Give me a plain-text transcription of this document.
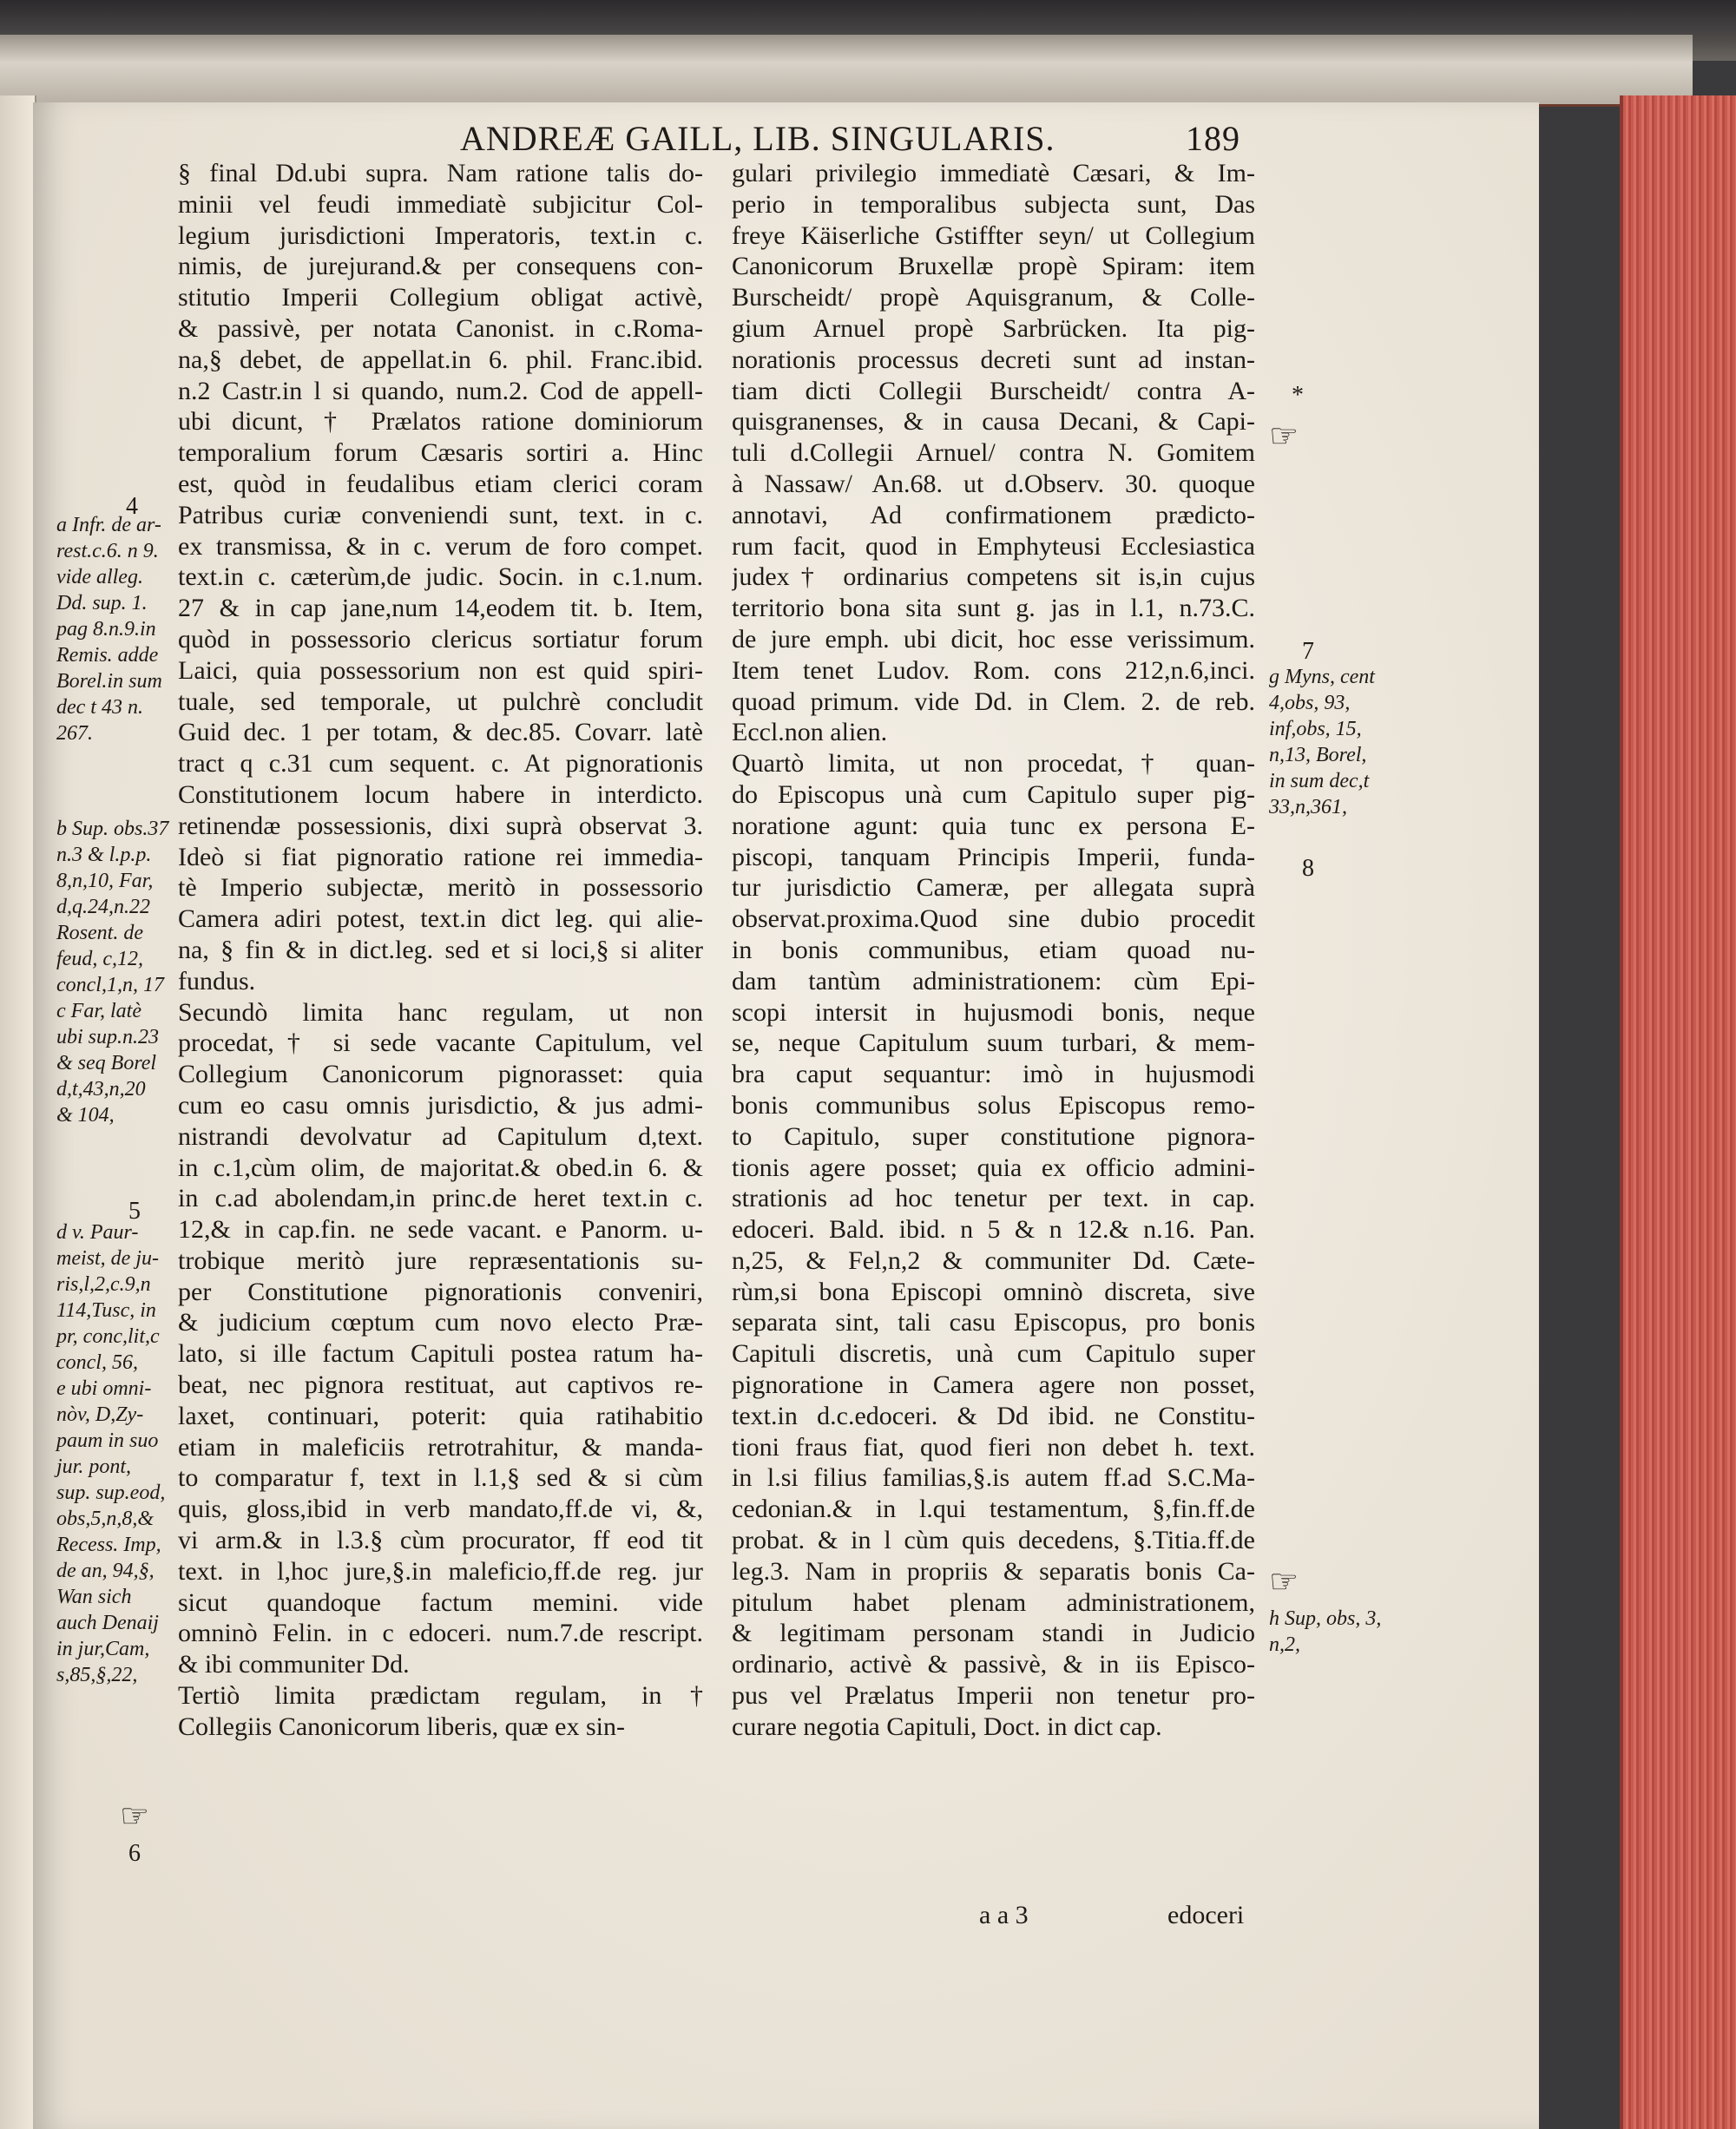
ANDREÆ GAILL, LIB. SINGULARIS.	189
§ final Dd.ubi supra. Nam ratione talis do-
minii vel feudi immediatè subjicitur Col-
legium jurisdictioni Imperatoris, text.in c.
nimis, de jurejurand.& per consequens con-
stitutio Imperii Collegium obligat activè,
& passivè, per notata Canonist. in c.Roma-
na,§ debet, de appellat.in 6. phil. Franc.ibid.
n.2 Castr.in l si quando, num.2. Cod de appell-
ubi dicunt, † Prælatos ratione dominiorum
temporalium forum Cæsaris sortiri a. Hinc
est, quòd in feudalibus etiam clerici coram
Patribus curiæ conveniendi sunt, text. in c.
ex transmissa, & in c. verum de foro compet.
text.in c. cæterùm,de judic. Socin. in c.1.num.
27 & in cap jane,num 14,eodem tit. b. Item,
quòd in possessorio clericus sortiatur forum
Laici, quia possessorium non est quid spiri-
tuale, sed temporale, ut pulchrè concludit
Guid dec. 1 per totam, & dec.85. Covarr. latè
tract q c.31 cum sequent. c. At pignorationis
Constitutionem locum habere in interdicto.
retinendæ possessionis, dixi suprà observat 3.
Ideò si fiat pignoratio ratione rei immedia-
tè Imperio subjectæ, meritò in possessorio
Camera adiri potest, text.in dict leg. qui alie-
na, § fin & in dict.leg. sed et si loci,§ si aliter
fundus.
Secundò limita hanc regulam, ut non
procedat,† si sede vacante Capitulum, vel
Collegium Canonicorum pignorasset: quia
cum eo casu omnis jurisdictio, & jus admi-
nistrandi devolvatur ad Capitulum d,text.
in c.1,cùm olim, de majoritat.& obed.in 6. &
in c.ad abolendam,in princ.de heret text.in c.
12,& in cap.fin. ne sede vacant. e Panorm. u-
trobique meritò jure repræsentationis su-
per Constitutione pignorationis conveniri,
& judicium cœptum cum novo electo Præ-
lato, si ille factum Capituli postea ratum ha-
beat, nec pignora restituat, aut captivos re-
laxet, continuari, poterit: quia ratihabitio
etiam in maleficiis retrotrahitur, & manda-
to comparatur f, text in l.1,§ sed & si cùm
quis, gloss,ibid in verb mandato,ff.de vi, &,
vi arm.& in l.3.§ cùm procurator, ff eod tit
text. in l,hoc jure,§.in maleficio,ff.de reg. jur
sicut quandoque factum memini. vide
omninò Felin. in c edoceri. num.7.de rescript.
& ibi communiter Dd.
Tertiò limita prædictam regulam, in†
Collegiis Canonicorum liberis, quæ ex sin-
gulari privilegio immediatè Cæsari, & Im-
perio in temporalibus subjecta sunt, Das
freye Käiserliche Gstiffter seyn/ ut Collegium
Canonicorum Bruxellæ propè Spiram: item
Burscheidt/ propè Aquisgranum, & Colle-
gium Arnuel propè Sarbrücken. Ita pig-
norationis processus decreti sunt ad instan-
tiam dicti Collegii Burscheidt/ contra A-
quisgranenses, & in causa Decani, & Capi-
tuli d.Collegii Arnuel/ contra N. Gomitem
à Nassaw/ An.68. ut d.Observ. 30. quoque
annotavi, Ad confirmationem prædicto-
rum facit, quod in Emphyteusi Ecclesiastica
judex† ordinarius competens sit is,in cujus
territorio bona sita sunt g. jas in l.1, n.73.C.
de jure emph. ubi dicit, hoc esse verissimum.
Item tenet Ludov. Rom. cons 212,n.6,inci.
quoad primum. vide Dd. in Clem. 2. de reb.
Eccl.non alien.
Quartò limita, ut non procedat,† quan-
do Episcopus unà cum Capitulo super pig-
noratione agunt: quia tunc ex persona E-
piscopi, tanquam Principis Imperii, funda-
tur jurisdictio Cameræ, per allegata suprà
observat.proxima.Quod sine dubio procedit
in bonis communibus, etiam quoad nu-
dam tantùm administrationem: cùm Epi-
scopi intersit in hujusmodi bonis, neque
se, neque Capitulum suum turbari, & mem-
bra caput sequantur: imò in hujusmodi
bonis communibus solus Episcopus remo-
to Capitulo, super constitutione pignora-
tionis agere posset; quia ex officio admini-
strationis ad hoc tenetur per text. in cap.
edoceri. Bald. ibid. n 5 & n 12.& n.16. Pan.
n,25, & Fel,n,2 & communiter Dd. Cæte-
rùm,si bona Episcopi omninò discreta, sive
separata sint, tali casu Episcopus, pro bonis
Capituli discretis, unà cum Capitulo super
pignoratione in Camera agere non posset,
text.in d.c.edoceri. & Dd ibid. ne Constitu-
tioni fraus fiat, quod fieri non debet h. text.
in l.si filius familias,§.is autem ff.ad S.C.Ma-
cedonian.& in l.qui testamentum, §,fin.ff.de
probat. & in l cùm quis decedens, §.Titia.ff.de
leg.3. Nam in propriis & separatis bonis Ca-
pitulum habet plenam administrationem,
& legitimam personam standi in Judicio
ordinario, activè & passivè, & in iis Episco-
pus vel Prælatus Imperii non tenetur pro-
curare negotia Capituli, Doct. in dict cap.
4
a Infr. de ar-
rest.c.6. n 9.
vide alleg.
Dd. sup. 1.
pag 8.n.9.in
Remis. adde
Borel.in sum
dec t 43 n.
267.
b Sup. obs.37
n.3 & l.p.p.
8,n,10, Far,
d,q.24,n.22
Rosent. de
feud, c,12,
concl,1,n, 17
c Far, latè
ubi sup.n.23
& seq Borel
d,t,43,n,20
& 104,
5
d v. Paur-
meist, de ju-
ris,l,2,c.9,n
114,Tusc, in
pr, conc,lit,c
concl, 56,
e ubi omni-
nòv, D,Zy-
paum in suo
jur. pont,
sup. sup.eod,
obs,5,n,8,&
Recess. Imp,
de an, 94,§,
Wan sich
auch Denaij
in jur,Cam,
s,85,§,22,
☞
6
*
☞
7
g Myns, cent
4,obs, 93,
inf,obs, 15,
n,13, Borel,
in sum dec,t
33,n,361,
8
☞
h Sup, obs, 3,
n,2,
a a 3	edoceri
